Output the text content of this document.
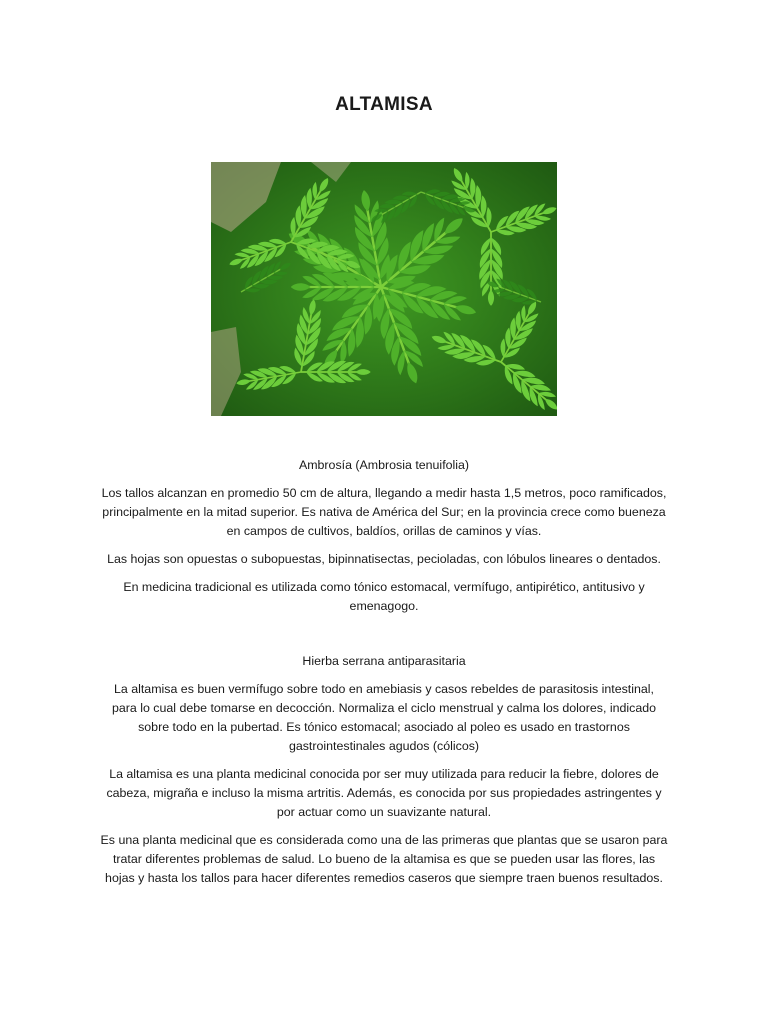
ALTAMISA

Ambrosía (Ambrosia tenuifolia)

Los tallos alcanzan en promedio 50 cm de altura, llegando a medir hasta 1,5 metros, poco ramificados, principalmente en la mitad superior. Es nativa de América del Sur; en la provincia crece como bueneza en campos de cultivos, baldíos, orillas de caminos y vías.

Las hojas son opuestas o subopuestas, bipinnatisectas, pecioladas, con lóbulos lineares o dentados.

En medicina tradicional es utilizada como tónico estomacal, vermífugo, antipirético, antitusivo y emenagogo.

Hierba serrana antiparasitaria

La altamisa es buen vermífugo sobre todo en amebiasis y casos rebeldes de parasitosis intestinal, para lo cual debe tomarse en decocción. Normaliza el ciclo menstrual y calma los dolores, indicado sobre todo en la pubertad. Es tónico estomacal; asociado al poleo es usado en trastornos gastrointestinales agudos (cólicos)

La altamisa es una planta medicinal conocida por ser muy utilizada para reducir la fiebre, dolores de cabeza, migraña e incluso la misma artritis. Además, es conocida por sus propiedades astringentes y por actuar como un suavizante natural.

Es una planta medicinal que es considerada como una de las primeras que plantas que se usaron para tratar diferentes problemas de salud. Lo bueno de la altamisa es que se pueden usar las flores, las hojas y hasta los tallos para hacer diferentes remedios caseros que siempre traen buenos resultados.
